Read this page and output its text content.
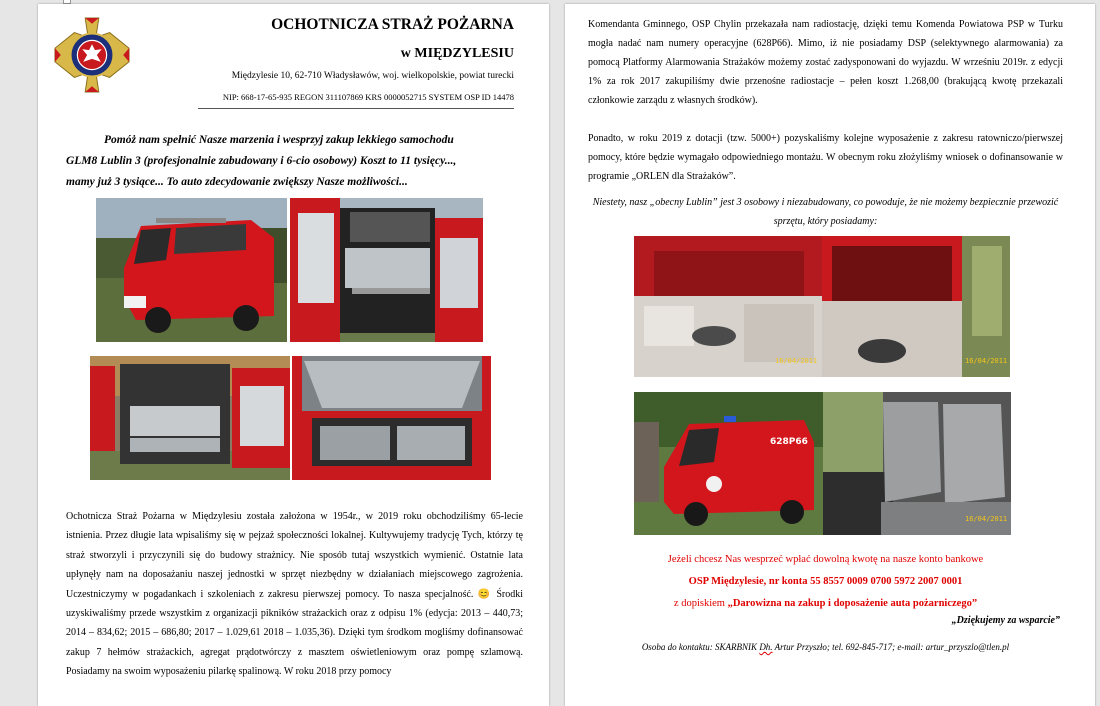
OCHOTNICZA STRAŻ POŻARNA
w MIĘDZYLESIU
Międzylesie 10, 62-710 Władysławów, woj. wielkopolskie, powiat turecki
NIP: 668-17-65-935 REGON 311107869 KRS 0000052715 SYSTEM OSP ID 14478
Pomóż nam spełnić Nasze marzenia i wesprzyj zakup lekkiego samochodu
GLM8 Lublin 3 (profesjonalnie zabudowany i 6-cio osobowy) Koszt to 11 tysięcy...,
mamy już 3 tysiące... To auto zdecydowanie zwiększy Nasze możliwości...
Ochotnicza Straż Pożarna w Międzylesiu została założona w 1954r., w 2019 roku obchodziliśmy 65-lecie istnienia. Przez długie lata wpisaliśmy się w pejzaż społeczności lokalnej. Kultywujemy tradycję Tych, którzy tę straż stworzyli i przyczynili się do budowy strażnicy. Nie sposób tutaj wszystkich wymienić. Ostatnie lata upłynęły nam na doposażaniu naszej jednostki w sprzęt niezbędny w działaniach miejscowego zagrożenia. Uczestniczymy w pogadankach i szkoleniach z zakresu pierwszej pomocy. To nasza specjalność. 😊 Środki uzyskiwaliśmy przede wszystkim z organizacji pikników strażackich oraz z odpisu 1% (edycja: 2013 – 440,73; 2014 – 834,62; 2015 – 686,80; 2017 – 1.029,61 2018 – 1.035,36). Dzięki tym środkom mogliśmy dofinansować zakup 7 hełmów strażackich, agregat prądotwórczy z masztem oświetleniowym oraz pompę szlamową. Posiadamy na swoim wyposażeniu pilarkę spalinową. W roku 2018 przy pomocy
Komendanta Gminnego, OSP Chylin przekazała nam radiostację, dzięki temu Komenda Powiatowa PSP w Turku mogła nadać nam numery operacyjne (628P66). Mimo, iż nie posiadamy DSP (selektywnego alarmowania) za pomocą Platformy Alarmowania Strażaków możemy zostać zadysponowani do wyjazdu. W wrześniu 2019r. z edycji 1% za rok 2017 zakupiliśmy dwie przenośne radiostacje – pełen koszt 1.268,00 (brakującą kwotę przekazali członkowie zarządu z własnych środków).
Ponadto, w roku 2019 z dotacji (tzw. 5000+) pozyskaliśmy kolejne wyposażenie z zakresu ratowniczo/pierwszej pomocy, które będzie wymagało odpowiedniego montażu. W obecnym roku złożyliśmy wniosek o dofinansowanie w programie „ORLEN dla Strażaków”.
Niestety, nasz „obecny Lublin” jest 3 osobowy i niezabudowany, co powoduje, że nie możemy bezpiecznie przewozić sprzętu, który posiadamy:
16/04/2011	16/04/2011
628P66
16/04/2011
Jeżeli chcesz Nas wesprzeć wpłać dowolną kwotę na nasze konto bankowe
OSP Międzylesie, nr konta 55 8557 0009 0700 5972 2007 0001
z dopiskiem „Darowizna na zakup i doposażenie auta pożarniczego”
„Dziękujemy za wsparcie”
Osoba do kontaktu: SKARBNIK Dh. Artur Przyszło; tel. 692-845-717; e-mail: artur_przyszlo@tlen.pl
